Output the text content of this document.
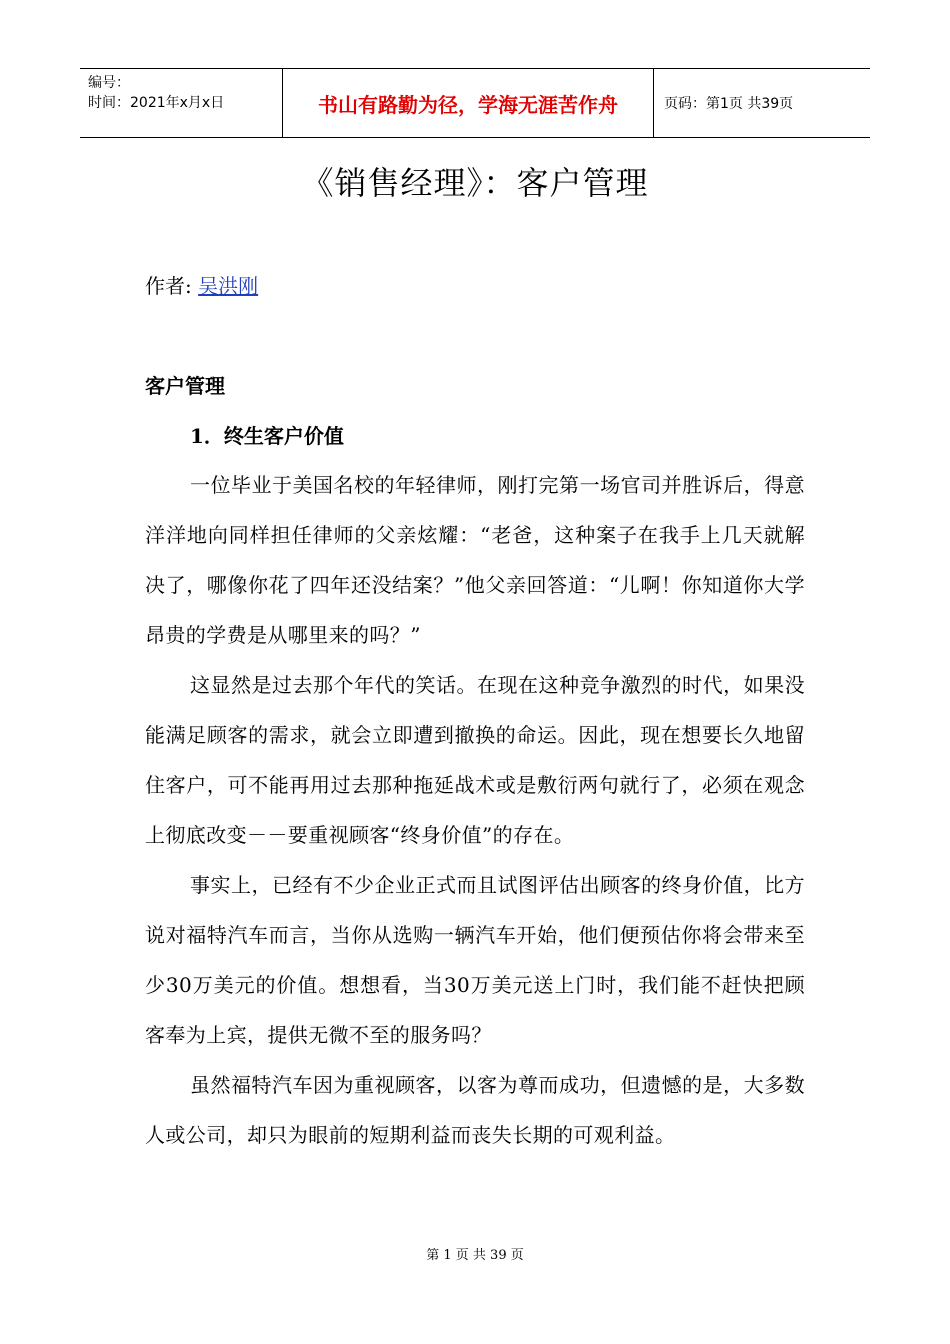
编号：
时间：2021年x月x日	书山有路勤为径，学海无涯苦作舟	页码：第1页 共39页
《销售经理》：客户管理
作者: 吴洪刚
客户管理
1．终生客户价值

一位毕业于美国名校的年轻律师，刚打完第一场官司并胜诉后，得意洋洋地向同样担任律师的父亲炫耀：“老爸，这种案子在我手上几天就解决了，哪像你花了四年还没结案？”他父亲回答道：“儿啊！你知道你大学昂贵的学费是从哪里来的吗？”

这显然是过去那个年代的笑话。在现在这种竞争激烈的时代，如果没能满足顾客的需求，就会立即遭到撤换的命运。因此，现在想要长久地留住客户，可不能再用过去那种拖延战术或是敷衍两句就行了，必须在观念上彻底改变－－要重视顾客“终身价值”的存在。

事实上，已经有不少企业正式而且试图评估出顾客的终身价值，比方说对福特汽车而言，当你从选购一辆汽车开始，他们便预估你将会带来至少30万美元的价值。想想看，当30万美元送上门时，我们能不赶快把顾客奉为上宾，提供无微不至的服务吗？

虽然福特汽车因为重视顾客，以客为尊而成功，但遗憾的是，大多数人或公司，却只为眼前的短期利益而丧失长期的可观利益。

第 1 页 共 39 页
